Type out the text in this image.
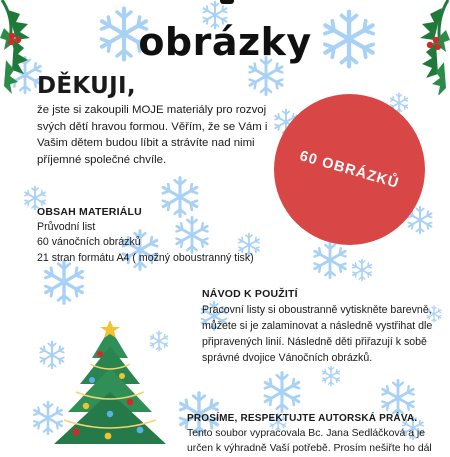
obrázky
DĚKUJI,

že jste si zakoupili MOJE materiály pro rozvoj svých dětí hravou formou. Věřím, že se Vám i Vašim dětem budou líbit a strávíte nad nimi příjemné společné chvíle.	60 OBRÁZKŮ
OBSAH MATERIÁLU
Průvodní list
60 vánočních obrázků
21 stran formátu A4 ( možný oboustranný tisk)
NÁVOD K POUŽITÍ

Pracovní listy si oboustranně vytiskněte barevně, můžete si je zalaminovat a následně vystřihat dle připravených linií. Následně děti přiřazují k sobě správné dvojice Vánočních obrázků.

PROSÍME, RESPEKTUJTE AUTORSKÁ PRÁVA.

Tento soubor vypracovala Bc. Jana Sedláčková a je určen k výhradně Vaší potřebě. Prosím nešiřte ho dál
